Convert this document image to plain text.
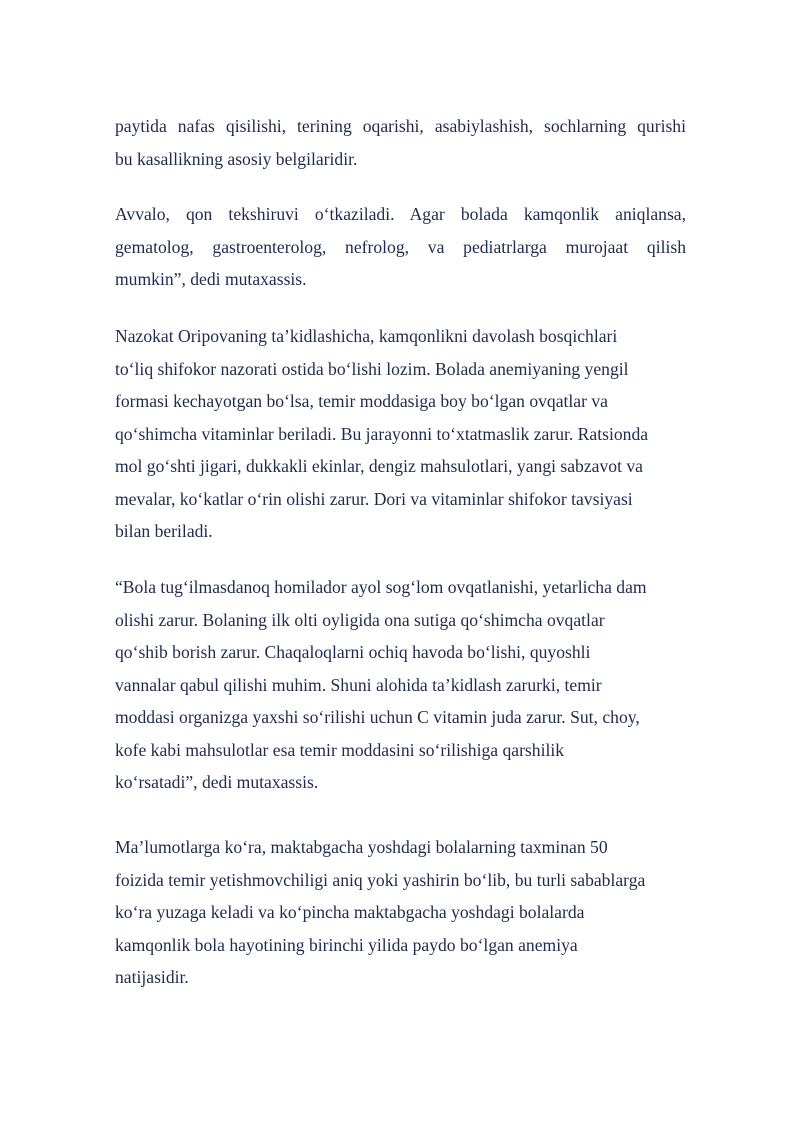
paytida nafas qisilishi, terining oqarishi, asabiylashish, sochlarning qurishi
bu kasallikning asosiy belgilaridir.
Avvalo, qon tekshiruvi o‘tkaziladi. Agar bolada kamqonlik aniqlansa,
gematolog, gastroenterolog, nefrolog, va pediatrlarga murojaat qilish
mumkin”, dedi mutaxassis.
Nazokat Oripovaning ta’kidlashicha, kamqonlikni davolash bosqichlari
to‘liq shifokor nazorati ostida bo‘lishi lozim. Bolada anemiyaning yengil
formasi kechayotgan bo‘lsa, temir moddasiga boy bo‘lgan ovqatlar va
qo‘shimcha vitaminlar beriladi. Bu jarayonni to‘xtatmaslik zarur. Ratsionda
mol go‘shti jigari, dukkakli ekinlar, dengiz mahsulotlari, yangi sabzavot va
mevalar, ko‘katlar o‘rin olishi zarur. Dori va vitaminlar shifokor tavsiyasi
bilan beriladi.
“Bola tug‘ilmasdanoq homilador ayol sog‘lom ovqatlanishi, yetarlicha dam
olishi zarur. Bolaning ilk olti oyligida ona sutiga qo‘shimcha ovqatlar
qo‘shib borish zarur. Chaqaloqlarni ochiq havoda bo‘lishi, quyoshli
vannalar qabul qilishi muhim. Shuni alohida ta’kidlash zarurki, temir
moddasi organizga yaxshi so‘rilishi uchun C vitamin juda zarur. Sut, choy,
kofe kabi mahsulotlar esa temir moddasini so‘rilishiga qarshilik
ko‘rsatadi”, dedi mutaxassis.
Ma’lumotlarga ko‘ra, maktabgacha yoshdagi bolalarning taxminan 50
foizida temir yetishmovchiligi aniq yoki yashirin bo‘lib, bu turli sabablarga
ko‘ra yuzaga keladi va ko‘pincha maktabgacha yoshdagi bolalarda
kamqonlik bola hayotining birinchi yilida paydo bo‘lgan anemiya
natijasidir.
